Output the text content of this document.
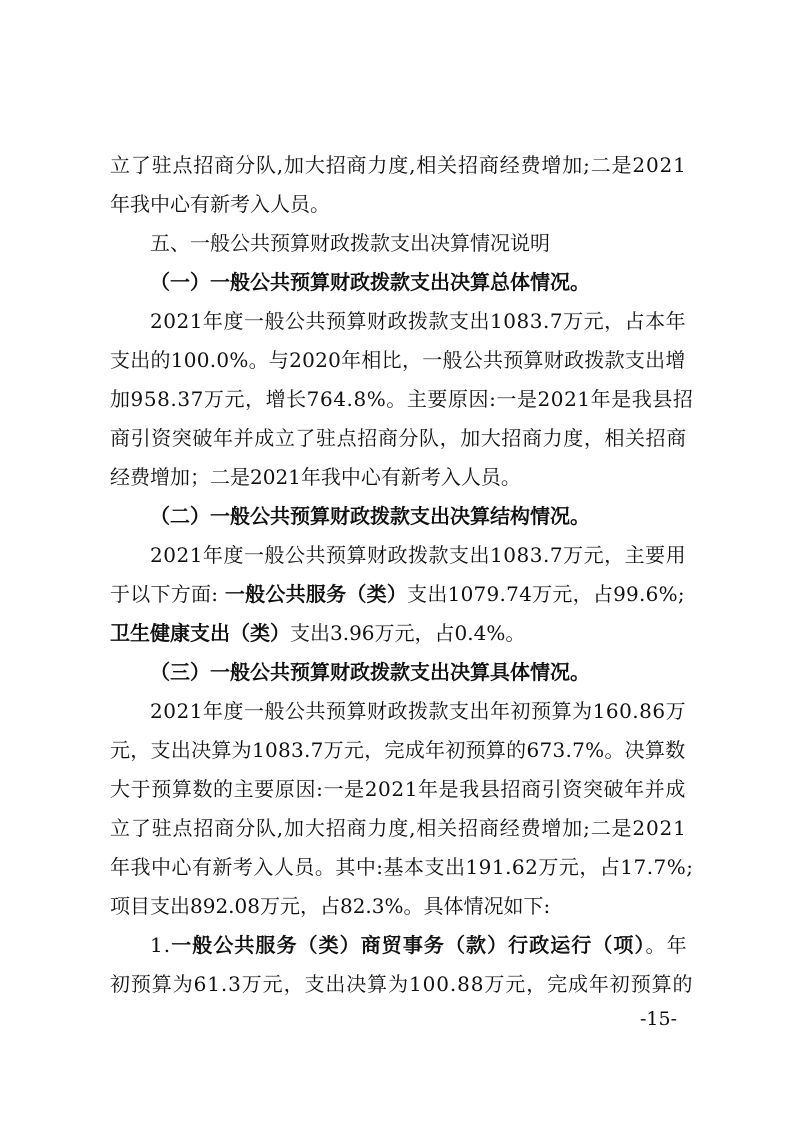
立了驻点招商分队,加大招商力度,相关招商经费增加;二是2021
年我中心有新考入人员。
五、一般公共预算财政拨款支出决算情况说明
（一）一般公共预算财政拨款支出决算总体情况。
2021年度一般公共预算财政拨款支出1083.7万元，占本年
支出的100.0%。与2020年相比，一般公共预算财政拨款支出增
加958.37万元，增长764.8%。主要原因:一是2021年是我县招
商引资突破年并成立了驻点招商分队，加大招商力度，相关招商
经费增加；二是2021年我中心有新考入人员。
（二）一般公共预算财政拨款支出决算结构情况。
2021年度一般公共预算财政拨款支出1083.7万元，主要用
于以下方面: 一般公共服务（类）支出1079.74万元，占99.6%;
卫生健康支出（类）支出3.96万元，占0.4%。
（三）一般公共预算财政拨款支出决算具体情况。
2021年度一般公共预算财政拨款支出年初预算为160.86万
元，支出决算为1083.7万元，完成年初预算的673.7%。决算数
大于预算数的主要原因:一是2021年是我县招商引资突破年并成
立了驻点招商分队,加大招商力度,相关招商经费增加;二是2021
年我中心有新考入人员。其中:基本支出191.62万元，占17.7%;
项目支出892.08万元，占82.3%。具体情况如下:
1.一般公共服务（类）商贸事务（款）行政运行（项）。年
初预算为61.3万元，支出决算为100.88万元，完成年初预算的
-15-
